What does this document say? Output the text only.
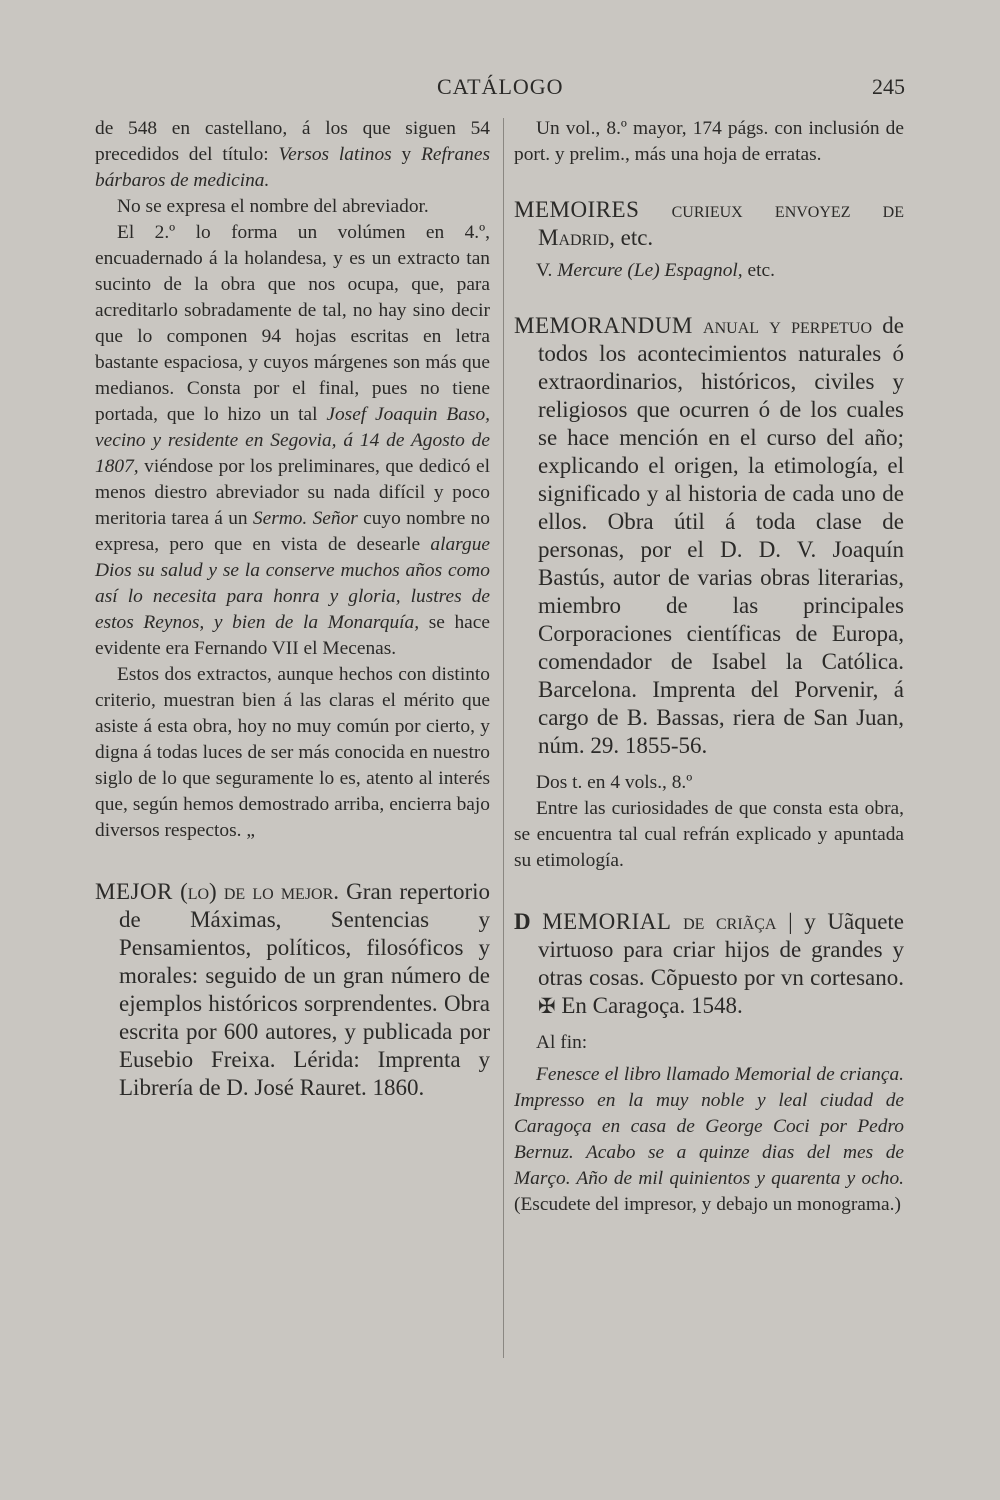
CATÁLOGO	245

de 548 en castellano, á los que siguen 54 precedidos del título: Versos latinos y Refranes bárbaros de medicina.

No se expresa el nombre del abreviador.

El 2.º lo forma un volúmen en 4.º, encuadernado á la holandesa, y es un extracto tan sucinto de la obra que nos ocupa, que, para acreditarlo sobradamente de tal, no hay sino decir que lo componen 94 hojas escritas en letra bastante espaciosa, y cuyos márgenes son más que medianos. Consta por el final, pues no tiene portada, que lo hizo un tal Josef Joaquin Baso, vecino y residente en Segovia, á 14 de Agosto de 1807, viéndose por los preliminares, que dedicó el menos diestro abreviador su nada difícil y poco meritoria tarea á un Sermo. Señor cuyo nombre no expresa, pero que en vista de desearle alargue Dios su salud y se la conserve muchos años como así lo necesita para honra y gloria, lustres de estos Reynos, y bien de la Monarquía, se hace evidente era Fernando VII el Mecenas.

Estos dos extractos, aunque hechos con distinto criterio, muestran bien á las claras el mérito que asiste á esta obra, hoy no muy común por cierto, y digna á todas luces de ser más conocida en nuestro siglo de lo que seguramente lo es, atento al interés que, según hemos demostrado arriba, encierra bajo diversos respectos. „

MEJOR (lo) de lo mejor. Gran repertorio de Máximas, Sentencias y Pensamientos, políticos, filosóficos y morales: seguido de un gran número de ejemplos históricos sorprendentes. Obra escrita por 600 autores, y publicada por Eusebio Freixa. Lérida: Imprenta y Librería de D. José Rauret. 1860.

Un vol., 8.º mayor, 174 págs. con inclusión de port. y prelim., más una hoja de erratas.

MEMOIRES curieux envoyez de Madrid, etc.

V. Mercure (Le) Espagnol, etc.

MEMORANDUM anual y perpetuo de todos los acontecimientos naturales ó extraordinarios, históricos, civiles y religiosos que ocurren ó de los cuales se hace mención en el curso del año; explicando el origen, la etimología, el significado y al historia de cada uno de ellos. Obra útil á toda clase de personas, por el D. D. V. Joaquín Bastús, autor de varias obras literarias, miembro de las principales Corporaciones científicas de Europa, comendador de Isabel la Católica. Barcelona. Imprenta del Porvenir, á cargo de B. Bassas, riera de San Juan, núm. 29. 1855-56.

Dos t. en 4 vols., 8.º

Entre las curiosidades de que consta esta obra, se encuentra tal cual refrán explicado y apuntada su etimología.

D MEMORIAL de criãça | y Uãquete virtuoso para criar hijos de grandes y otras cosas. Cõpuesto por vn cortesano. ✠ En Caragoça. 1548.

Al fin:

Fenesce el libro llamado Memorial de criança. Impresso en la muy noble y leal ciudad de Caragoça en casa de George Coci por Pedro Bernuz. Acabo se a quinze dias del mes de Março. Año de mil quinientos y quarenta y ocho. (Escudete del impresor, y debajo un monograma.)
